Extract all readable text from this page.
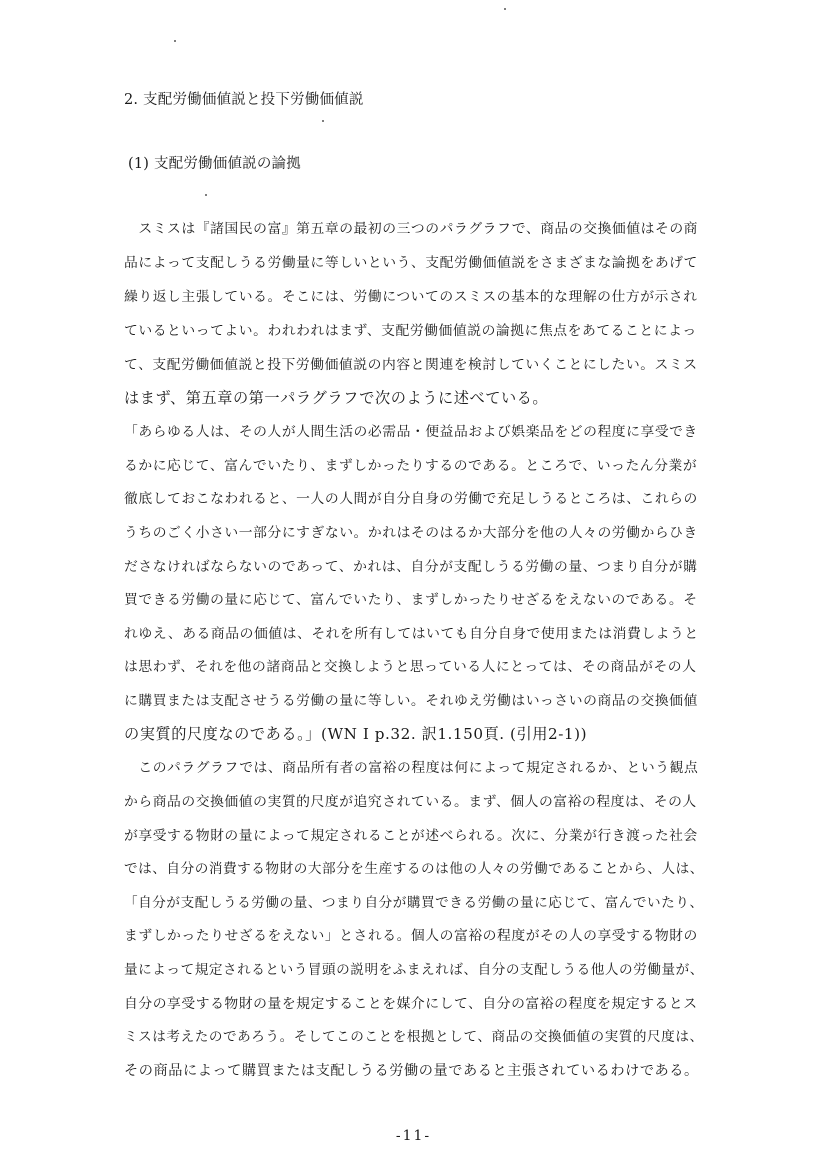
2. 支配労働価値説と投下労働価値説
(1) 支配労働価値説の論拠
　スミスは『諸国民の富』第五章の最初の三つのパラグラフで、商品の交換価値はその商
品によって支配しうる労働量に等しいという、支配労働価値説をさまざまな論拠をあげて
繰り返し主張している。そこには、労働についてのスミスの基本的な理解の仕方が示され
ているといってよい。われわれはまず、支配労働価値説の論拠に焦点をあてることによっ
て、支配労働価値説と投下労働価値説の内容と関連を検討していくことにしたい。スミス
はまず、第五章の第一パラグラフで次のように述べている。
「あらゆる人は、その人が人間生活の必需品・便益品および娯楽品をどの程度に享受でき
るかに応じて、富んでいたり、まずしかったりするのである。ところで、いったん分業が
徹底しておこなわれると、一人の人間が自分自身の労働で充足しうるところは、これらの
うちのごく小さい一部分にすぎない。かれはそのはるか大部分を他の人々の労働からひき
ださなければならないのであって、かれは、自分が支配しうる労働の量、つまり自分が購
買できる労働の量に応じて、富んでいたり、まずしかったりせざるをえないのである。そ
れゆえ、ある商品の価値は、それを所有してはいても自分自身で使用または消費しようと
は思わず、それを他の諸商品と交換しようと思っている人にとっては、その商品がその人
に購買または支配させうる労働の量に等しい。それゆえ労働はいっさいの商品の交換価値
の実質的尺度なのである。」(WN I p.32. 訳1.150頁. (引用2-1))
　このパラグラフでは、商品所有者の富裕の程度は何によって規定されるか、という観点
から商品の交換価値の実質的尺度が追究されている。まず、個人の富裕の程度は、その人
が享受する物財の量によって規定されることが述べられる。次に、分業が行き渡った社会
では、自分の消費する物財の大部分を生産するのは他の人々の労働であることから、人は、
「自分が支配しうる労働の量、つまり自分が購買できる労働の量に応じて、富んでいたり、
まずしかったりせざるをえない」とされる。個人の富裕の程度がその人の享受する物財の
量によって規定されるという冒頭の説明をふまえれば、自分の支配しうる他人の労働量が、
自分の享受する物財の量を規定することを媒介にして、自分の富裕の程度を規定するとス
ミスは考えたのであろう。そしてこのことを根拠として、商品の交換価値の実質的尺度は、
その商品によって購買または支配しうる労働の量であると主張されているわけである。
-11-
